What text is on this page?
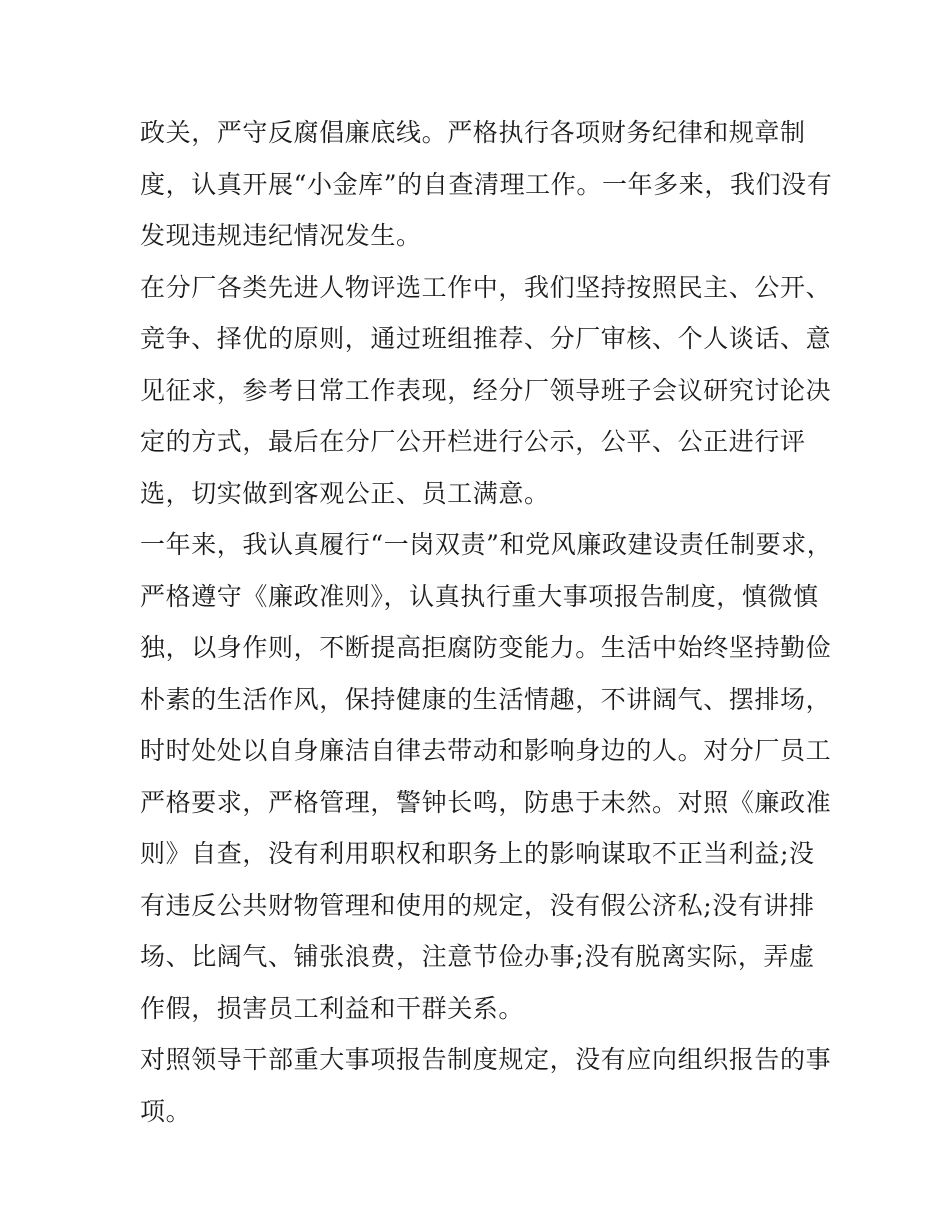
政关，严守反腐倡廉底线。严格执行各项财务纪律和规章制
度，认真开展“小金库”的自查清理工作。一年多来，我们没有
发现违规违纪情况发生。
在分厂各类先进人物评选工作中，我们坚持按照民主、公开、
竞争、择优的原则，通过班组推荐、分厂审核、个人谈话、意
见征求，参考日常工作表现，经分厂领导班子会议研究讨论决
定的方式，最后在分厂公开栏进行公示，公平、公正进行评
选，切实做到客观公正、员工满意。
一年来，我认真履行“一岗双责”和党风廉政建设责任制要求，
严格遵守《廉政准则》，认真执行重大事项报告制度，慎微慎
独，以身作则，不断提高拒腐防变能力。生活中始终坚持勤俭
朴素的生活作风，保持健康的生活情趣，不讲阔气、摆排场，
时时处处以自身廉洁自律去带动和影响身边的人。对分厂员工
严格要求，严格管理，警钟长鸣，防患于未然。对照《廉政准
则》自查，没有利用职权和职务上的影响谋取不正当利益;没
有违反公共财物管理和使用的规定，没有假公济私;没有讲排
场、比阔气、铺张浪费，注意节俭办事;没有脱离实际，弄虚
作假，损害员工利益和干群关系。
对照领导干部重大事项报告制度规定，没有应向组织报告的事
项。
